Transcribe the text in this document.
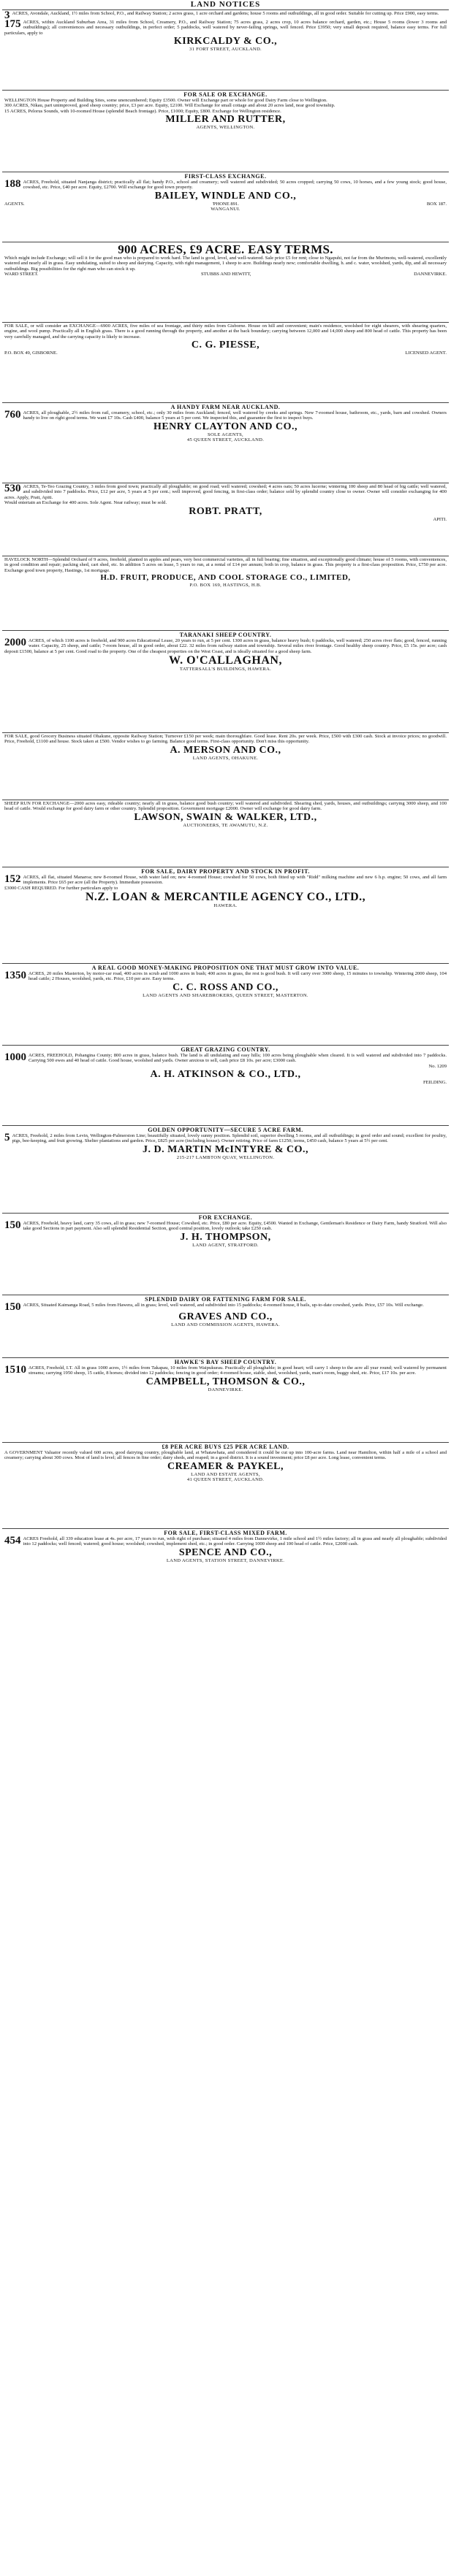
LAND NOTICES
3 ACRES, Avondale, Auckland, 1½ miles from School, P.O., and Railway Station; 2 acres grass, 1 acre orchard and gardens; house 5 rooms and outbuildings, all in good order. Suitable for cutting up. Price £900, easy terms.
175 ACRES, within Auckland Suburban Area, 31 miles from School, Creamery, P.O., and Railway Station; 75 acres grass, 2 acres crop, 10 acres balance orchard, garden, etc.; House 5 rooms (lower 3 rooms and outbuildings); all conveniences and necessary outbuildings, in perfect order; 5 paddocks, well watered by never-failing springs, well fenced. Price £3950; very small deposit required, balance easy terms. For full particulars, apply to
KIRKCALDY & CO.,
31 FORT STREET, AUCKLAND.
FOR SALE OR EXCHANGE.
WELLINGTON House Property and Building Sites, some unencumbered; Equity £3500. Owner will Exchange part or whole for good Dairy Farm close to Wellington.
300 ACRES, Nikau, part unimproved, good sheep country; price, £3 per acre. Equity, £2100. Will Exchange for small cottage and about 20 acres land, near good township.
15 ACRES, Pelorus Sounds, with 10-roomed House (splendid Beach frontage). Price, £1000; Equity, £800. Exchange for Wellington residence.
MILLER AND RUTTER,
AGENTS, WELLINGTON.
FIRST-CLASS EXCHANGE.
188 ACRES, Freehold, situated Nanjanga district; practically all flat; handy P.O., school and creamery; well watered and subdivided; 50 acres cropped; carrying 50 cows, 10 horses, and a few young stock; good house, cowshed, etc. Price, £40 per acre. Equity, £2700. Will exchange for good town property.
BAILEY, WINDLE AND CO.,
AGENTS.	'PHONE 891.	BOX 187.
WANGANUI.
900 ACRES, £9 ACRE. EASY TERMS.
Which might include Exchange; will sell it for the good man who is prepared to work hard. The land is good, level, and well-watered. Sale price £5 for rent; close to Ngapuhi, not far from the Murimotu, well-watered, excellently watered and nearly all in grass. Easy undulating, suited to sheep and dairying. Capacity, with right management, 1 sheep to acre. Buildings nearly new; comfortable dwelling, h. and c. water, woolshed, yards, dip, and all necessary outbuildings. Big possibilities for the right man who can stock it up.
WARD STREET.	STUBBS AND HEWITT,	DANNEVIRKE.
FOR SALE, or will consider an EXCHANGE—6900 ACRES, five miles of sea frontage, and thirty miles from Gisborne. House on hill and convenient; main's residence, woolshed for eight shearers, with shearing quarters, engine, and wool pump. Practically all in English grass. There is a good running through the property, and another at the back boundary; carrying between 12,000 and 14,000 sheep and 800 head of cattle. This property has been very carefully managed, and the carrying capacity is likely to increase.
C. G. PIESSE,
P.O. BOX 49, GISBORNE.	LICENSED AGENT.
A HANDY FARM NEAR AUCKLAND.
760 ACRES, all ploughable, 2½ miles from rail, creamery, school, etc.; only 30 miles from Auckland; fenced, well watered by creeks and springs. New 7-roomed house, bathroom, etc., yards, barn and cowshed. Owners handy to live on right good terms. We want £7 10s. Cash £400, balance 5 years at 5 per cent. We inspected this, and guarantee the first to inspect buys.
HENRY CLAYTON AND CO.,
SOLE AGENTS,
45 QUEEN STREET, AUCKLAND.
530 ACRES, Te-Teo Grazing Country, 3 miles from good town; practically all ploughable; on good road; well watered; cowshed; 4 acres oats; 50 acres lucerne; wintering 100 sheep and 80 head of big cattle; well watered, and subdivided into 7 paddocks. Price, £12 per acre, 5 years at 5 per cent.; well improved, good fencing, in first-class order; balance sold by splendid country close to owner. Owner will consider exchanging for 400 acres. Apply, Pratt, Apiti.
Would entertain an Exchange for 400 acres. Sole Agent. Near railway; must be sold.
ROBT. PRATT,
APITI.
HAVELOCK NORTH—Splendid Orchard of 9 acres, freehold, planted in apples and pears, very best commercial varieties, all in full bearing; fine situation, and exceptionally good climate; house of 5 rooms, with conveniences, in good condition and repair; packing shed, cart shed, etc. In addition 5 acres on lease, 5 years to run, at a rental of £14 per annum; both in crop, balance in grass. This property is a first-class proposition. Price, £750 per acre. Exchange good town property, Hastings, 1st mortgage.
H.D. FRUIT, PRODUCE, AND COOL STORAGE CO., LIMITED,
P.O. BOX 169, HASTINGS, H.B.
TARANAKI SHEEP COUNTRY.
2000 ACRES, of which 1100 acres is freehold, and 900 acres Educational Lease, 20 years to run, at 5 per cent. 1300 acres in grass, balance heavy bush; 6 paddocks, well watered; 250 acres river flats; good, fenced, running water. Capacity, 25 sheep, and cattle; 7-room house, all in good order, about £22. 32 miles from railway station and township. Several miles river frontage. Good healthy sheep country. Price, £5 15s. per acre; cash deposit £1500, balance at 5 per cent. Good road to the property. One of the cheapest properties on the West Coast, and is ideally situated for a good sheep farm.
W. O'CALLAGHAN,
TATTERSALL'S BUILDINGS, HAWERA.
FOR SALE, good Grocery Business situated Ohakune, opposite Railway Station; Turnover £150 per week; main thoroughfare. Good lease. Rent 20s. per week. Price, £500 with £300 cash. Stock at invoice prices; no goodwill. Price, Freehold, £1100 and house. Stock taken at £500. Vendor wishes to go farming. Balance good terms. First-class opportunity. Don't miss this opportunity.
A. MERSON AND CO.,
LAND AGENTS, OHAKUNE.
SHEEP RUN FOR EXCHANGE—2000 acres easy, rideable country; nearly all in grass, balance good bush country; well watered and subdivided. Shearing shed, yards, houses, and outbuildings; carrying 3000 sheep, and 100 head of cattle. Would exchange for good dairy farm or other country. Splendid proposition. Government mortgage £2000. Owner will exchange for good dairy farm.
LAWSON, SWAIN & WALKER, LTD.,
AUCTIONEERS, TE AWAMUTU, N.Z.
FOR SALE, DAIRY PROPERTY AND STOCK IN PROFIT.
152 ACRES, all flat, situated Manaroa; new 8-roomed House, with water laid on; new 4-roomed House; cowshed for 50 cows, both fitted up with "Ridd" milking machine and new 6 h.p. engine; 50 cows, and all farm implements. Price £65 per acre (all the Property). Immediate possession.
£3000 CASH REQUIRED. For further particulars apply to
N.Z. LOAN & MERCANTILE AGENCY CO., LTD.,
HAWERA.
A REAL GOOD MONEY-MAKING PROPOSITION ONE THAT MUST GROW INTO VALUE.
1350 ACRES, 20 miles Masterton, by motor-car road, 400 acres in scrub and 1000 acres in bush; 400 acres in grass, the rest is good bush. It will carry over 3000 sheep, 15 minutes to township. Wintering 2000 sheep, 104 head cattle; 2 Houses, woolshed, yards, etc. Price, £10 per acre. Easy terms.
C. C. ROSS AND CO.,
LAND AGENTS AND SHAREBROKERS, QUEEN STREET, MASTERTON.
GREAT GRAZING COUNTRY.
1000 ACRES, FREEHOLD, Pohangina County; 800 acres in grass, balance bush. The land is all undulating and easy hills; 100 acres being ploughable when cleared. It is well watered and subdivided into 7 paddocks. Carrying 500 ewes and 40 head of cattle. Good house, woolshed and yards. Owner anxious to sell, cash price £8 10s. per acre; £3000 cash.
No. 1209
A. H. ATKINSON & CO., LTD.,
FEILDING.
GOLDEN OPPORTUNITY—SECURE 5 ACRE FARM.
5 ACRES, Freehold, 2 miles from Levin, Wellington-Palmerston Line; beautifully situated, lovely sunny position. Splendid soil, superior dwelling 5 rooms, and all outbuildings; in good order and sound; excellent for poultry, pigs, bee-keeping, and fruit growing. Shelter plantations and garden. Price, £825 per acre (including house). Owner retiring. Price of farm £1250; terms, £450 cash, balance 5 years at 5½ per cent.
J. D. MARTIN McINTYRE & CO.,
215-217 LAMBTON QUAY, WELLINGTON.
FOR EXCHANGE.
150 ACRES, Freehold, heavy land, carry 35 cows, all in grass; new 7-roomed House; Cowshed, etc. Price, £80 per acre. Equity, £4500. Wanted in Exchange, Gentleman's Residence or Dairy Farm, handy Stratford. Will also take good Sections in part payment. Also sell splendid Residential Section, good central position, lovely outlook; take £250 cash.
J. H. THOMPSON,
LAND AGENT, STRATFORD.
SPLENDID DAIRY OR FATTENING FARM FOR SALE.
150 ACRES, Situated Kaimanga Road, 5 miles from Hawera, all in grass; level, well watered, and subdivided into 15 paddocks; 4-roomed house, 8 bails, up-to-date cowshed, yards. Price, £57 10s. Will exchange.
GRAVES AND CO.,
LAND AND COMMISSION AGENTS, HAWERA.
HAWKE'S BAY SHEEP COUNTRY.
1510 ACRES, Freehold, I.T. All in grass 1000 acres, 1½ miles from Takapau, 10 miles from Waipukurau. Practically all ploughable; in good heart; will carry 1 sheep to the acre all year round; well watered by permanent streams; carrying 1950 sheep, 15 cattle, 8 horses; divided into 12 paddocks; fencing in good order; 4-roomed house, stable, shed, woolshed, yards, man's room, buggy shed, etc. Price, £17 10s. per acre.
CAMPBELL, THOMSON & CO.,
DANNEVIRKE.
£8 PER ACRE BUYS £25 PER ACRE LAND.
A GOVERNMENT Valuator recently valued 600 acres, good dairying country, ploughable land, at Whatawhata, and considered it could be cut up into 100-acre farms. Land near Hamilton, within half a mile of a school and creamery; carrying about 300 cows. Most of land is level; all fences in fine order; dairy sheds, and reaped; in a good district. It is a sound investment; price £8 per acre. Long lease, convenient terms.
CREAMER & PAYKEL,
LAND AND ESTATE AGENTS,
41 QUEEN STREET, AUCKLAND.
FOR SALE, FIRST-CLASS MIXED FARM.
454 ACRES Freehold, all 339 education lease at 4s. per acre, 17 years to run, with right of purchase; situated 4 miles from Dannevirke, 1 mile school and 1½ miles factory; all in grass and nearly all ploughable; subdivided into 12 paddocks; well fenced; watered; good house; woolshed; cowshed, implement shed, etc.; in good order. Carrying 1000 sheep and 100 head of cattle. Price, £2000 cash.
SPENCE AND CO.,
LAND AGENTS, STATION STREET, DANNEVIRKE.
